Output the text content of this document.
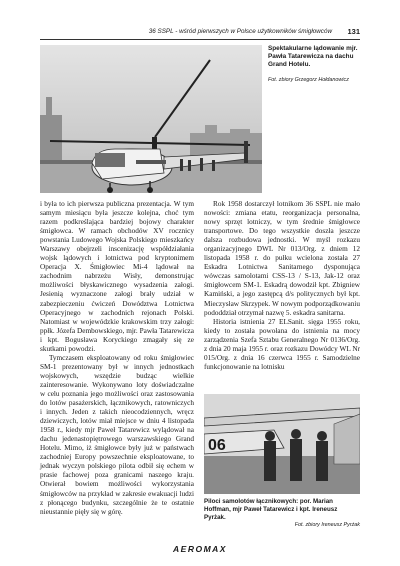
36 SSPL - wśród pierwszych w Polsce użytkowników śmigłowców 131
Spektakularne lądowanie mjr. Pawła Tatarewicza na dachu Grand Hotelu.
Fot. zbiory Grzegorz Hołdanowicz

i była to ich pierwsza publiczna prezentacja. W tym samym miesiącu była jeszcze kolejna, choć tym razem podkreślająca bardziej bojowy charakter śmigłowca. W ramach obchodów XV rocznicy powstania Ludowego Wojska Polskiego mieszkańcy Warszawy obejrzeli inscenizację współdziałania wojsk lądowych i lotnictwa pod kryptonimem Operacja X. Śmigłowiec Mi-4 lądował na zachodnim nabrzeżu Wisły, demonstrując możliwości błyskawicznego wysadzenia załogi. Jesienią wyznaczone załogi brały udział w zabezpieczeniu ćwiczeń Dowództwa Lotnictwa Operacyjnego w zachodnich rejonach Polski. Natomiast w wojewódzkie krakowskim trzy załogi: ppłk. Józefa Dembowskiego, mjr. Pawła Tatarewicza i kpt. Bogusława Koryckiego zmagały się ze skutkami powodzi.

Tymczasem eksploatowany od roku śmigłowiec SM-1 prezentowany był w innych jednostkach wojskowych, wszędzie budząc wielkie zainteresowanie. Wykonywano loty doświadczalne w celu poznania jego możliwości oraz zastosowania do lotów pasażerskich, łącznikowych, ratowniczych i innych. Jeden z takich nieocodziennych, wręcz dziewiczych, lotów miał miejsce w dniu 4 listopada 1958 r., kiedy mjr Paweł Tatarewicz wylądował na dachu jedenastopiętrowego warszawskiego Grand Hotelu. Mimo, iż śmigłowce były już w państwach zachodniej Europy powszechnie eksploatowane, to jednak wyczyn polskiego pilota odbił się echem w prasie fachowej poza granicami naszego kraju. Otwierał bowiem możliwości wykorzystania śmigłowców na przykład w zakresie ewakuacji ludzi z płonącego budynku, szczególnie że te ostatnie nieustannie pięły się w górę.

Rok 1958 dostarczył lotnikom 36 SSPL nie mało nowości: zmiana etatu, reorganizacja personalna, nowy sprzęt lotniczy, w tym średnie śmigłowce transportowe. Do tego wszystkie doszła jeszcze dalsza rozbudowa jednostki. W myśl rozkazu organizacyjnego DWL Nr 013/Org. z dniem 12 listopada 1958 r. do pułku wcielona została 27 Eskadra Lotnictwa Sanitarnego dysponująca wówczas samolotami CSS-13 / S-13, Jak-12 oraz śmigłowcem SM-1. Eskadrą dowodził kpt. Zbigniew Kamiński, a jego zastępcą d/s politycznych był kpt. Mieczysław Skrzypek. W nowym podporządkowaniu pododdział otrzymał nazwę 5. eskadra sanitarna.

Historia istnienia 27 ELSanit. sięga 1955 roku, kiedy to została powołana do istnienia na mocy zarządzenia Szefa Sztabu Generalnego Nr 0136/Org. z dnia 20 maja 1955 r. oraz rozkazu Dowódcy WL Nr 015/Org. z dnia 16 czerwca 1955 r. Samodzielne funkcjonowanie na lotnisku

06
Piloci samolotów łącznikowych: por. Marian Hoffman, mjr Paweł Tatarewicz i kpt. Ireneusz Pyrżak.
Fot. zbiory Ireneusz Pyrżak
AEROMAX
